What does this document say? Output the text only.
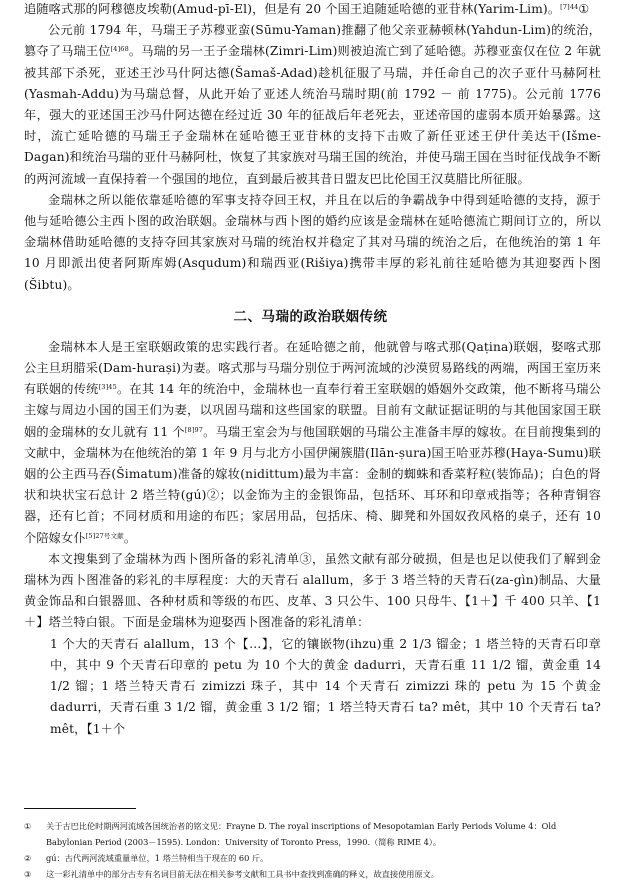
追随喀式那的阿穆德皮埃勒(Amud-pī-El)，但是有 20 个国王追随延哈德的亚苷林(Yarim-Lim)。$^{[7]44}$①

公元前 1794 年，马瑞王子苏穆亚蛮(Sūmu-Yaman)推翻了他父亲亚赫顿林(Yahdun-Lim)的统治，篡夺了马瑞王位$^{[4]68}$。马瑞的另一王子金瑞林(Zimri-Lim)则被迫流亡到了延哈德。苏穆亚蛮仅在位 2 年就被其部下杀死，亚述王沙马什阿达德(Šamaš-Adad)趁机征服了马瑞，并任命自己的次子亚什马赫阿杜(Yasmah-Addu)为马瑞总督，从此开始了亚述人统治马瑞时期(前 1792 － 前 1775)。公元前 1776 年，强大的亚述国王沙马什阿达德在经过近 30 年的征战后年老死去，亚述帝国的虚弱本质开始暴露。这时，流亡延哈德的马瑞王子金瑞林在延哈德王亚苷林的支持下击败了新任亚述王伊什美达干(Išme-Dagan)和统治马瑞的亚什马赫阿杜，恢复了其家族对马瑞王国的统治，并使马瑞王国在当时征伐战争不断的两河流域一直保持着一个强国的地位，直到最后被其昔日盟友巴比伦国王汉莫腊比所征服。

金瑞林之所以能依靠延哈德的军事支持夺回王权，并且在以后的争霸战争中得到延哈德的支持，源于他与延哈德公主西卜图的政治联姻。金瑞林与西卜图的婚约应该是金瑞林在延哈德流亡期间订立的，所以金瑞林借助延哈德的支持夺回其家族对马瑞的统治权并稳定了其对马瑞的统治之后，在他统治的第 1 年 10 月即派出使者阿斯库姆(Asqudum)和瑞西亚(Rišiya)携带丰厚的彩礼前往延哈德为其迎娶西卜图(Šibtu)。

二、马瑞的政治联姻传统

金瑞林本人是王室联姻政策的忠实践行者。在延哈德之前，他就曾与喀式那(Qaṭina)联姻，娶喀式那公主旦玥腊采(Dam-hurași)为妻。喀式那与马瑞分别位于两河流域的沙漠贸易路线的两端，两国王室历来有联姻的传统$^{[3]45}$。在其 14 年的统治中，金瑞林也一直奉行着王室联姻的婚姻外交政策，他不断将马瑞公主嫁与周边小国的国王们为妻，以巩固马瑞和这些国家的联盟。目前有文献证据证明的与其他国家国王联姻的金瑞林的女儿就有 11 个$^{[8]97}$。马瑞王室会为与他国联姻的马瑞公主准备丰厚的嫁妆。在目前搜集到的文献中，金瑞林为在他统治的第 1 年 9 月与北方小国伊阑簇腊(Ilān-ṣura)国王哈亚苏穆(Haya-Sumu)联姻的公主西马吞(Šimatum)准备的嫁妆(nidittum)最为丰富：金制的蜘蛛和香菜籽粒(装饰品)；白色的肾状和块状宝石总计 2 塔兰特(gú)②；以金饰为主的金银饰品，包括环、耳环和印章戒指等；各种青铜容器，还有匕首；不同材质和用途的布匹；家居用品，包括床、椅、脚凳和外国奴孜风格的桌子，还有 10 个陪嫁女仆$^{[5]27号文献}$。

本文搜集到了金瑞林为西卜图所备的彩礼清单③，虽然文献有部分破损，但是也足以使我们了解到金瑞林为西卜图准备的彩礼的丰厚程度：大的天青石 alallum，多于 3 塔兰特的天青石(za-gìn)制品、大量黄金饰品和白银器皿、各种材质和等级的布匹、皮革、3 只公牛、100 只母牛、【1＋】千 400 只羊、【1＋】塔兰特白银。下面是金瑞林为迎娶西卜图准备的彩礼清单：

1 个大的天青石 alallum，13 个【…】，它的镶嵌物(ihzu)重 2 1/3 镏金；1 塔兰特的天青石印章中，其中 9 个天青石印章的 petu 为 10 个大的黄金 dadurri，天青石重 11 1/2 镏，黄金重 14 1/2 镏；1 塔兰特天青石 zimizzi 珠子，其中 14 个天青石 zimizzi 珠的 petu 为 15 个黄金 dadurri，天青石重 3 1/2 镏，黄金重 3 1/2 镏；1 塔兰特天青石 ta? mêt，其中 10 个天青石 ta? mêt，【1＋个

①	关于古巴比伦时期两河流域各国统治者的铭文见：Frayne D. The royal inscriptions of Mesopotamian Early Periods Volume 4：Old Babylonian Period (2003－1595). London：University of Toronto Press，1990.（简称 RIME 4）。
②	gú：古代两河流域重量单位，1 塔兰特相当于现在的 60 斤。
③	这一彩礼清单中的部分古专有名词目前无法在相关参考文献和工具书中查找到准确的释义，故直接使用原文。
